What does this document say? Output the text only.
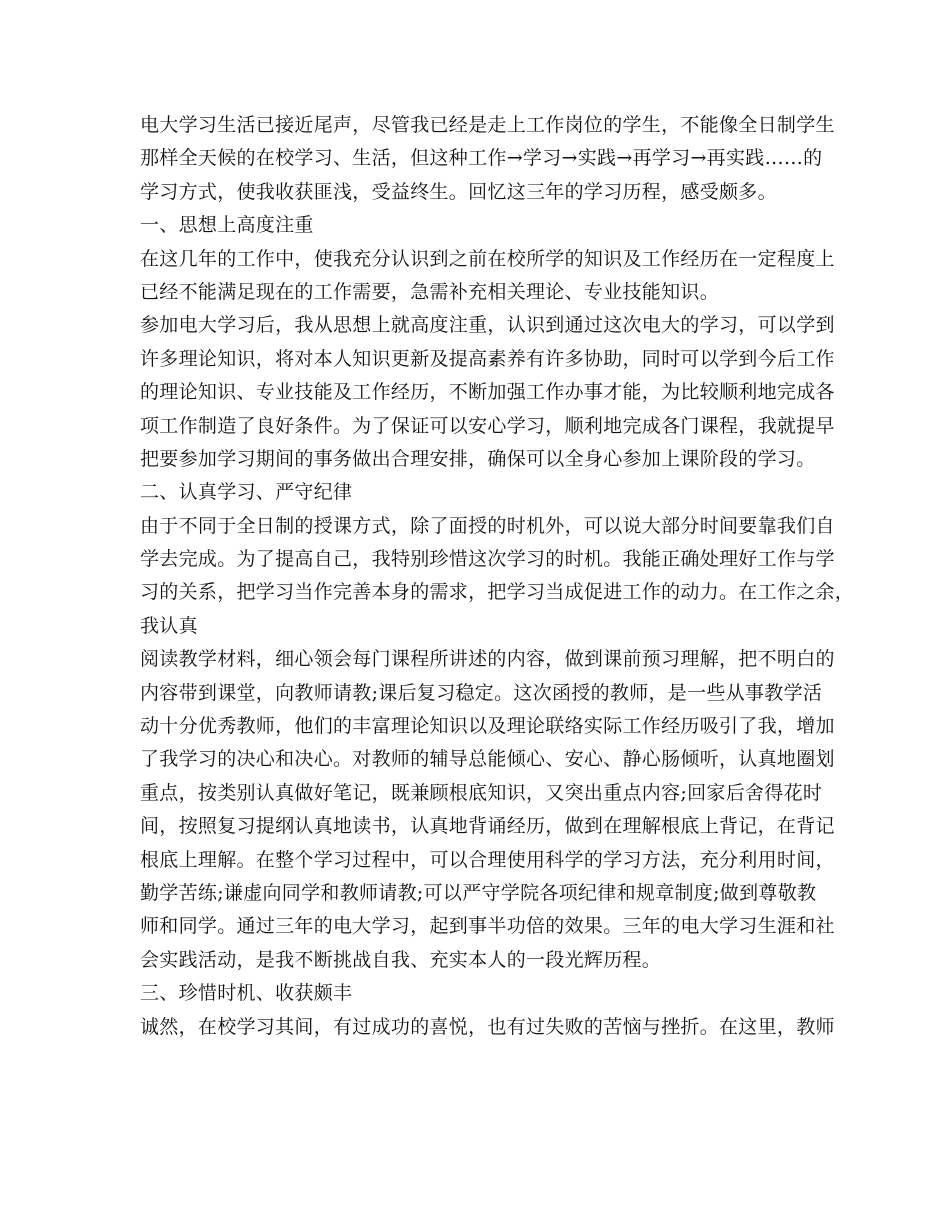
电大学习生活已接近尾声，尽管我已经是走上工作岗位的学生，不能像全日制学生
那样全天候的在校学习、生活，但这种工作→学习→实践→再学习→再实践……的
学习方式，使我收获匪浅，受益终生。回忆这三年的学习历程，感受颇多。
一、思想上高度注重
在这几年的工作中，使我充分认识到之前在校所学的知识及工作经历在一定程度上
已经不能满足现在的工作需要，急需补充相关理论、专业技能知识。
参加电大学习后，我从思想上就高度注重，认识到通过这次电大的学习，可以学到
许多理论知识，将对本人知识更新及提高素养有许多协助，同时可以学到今后工作
的理论知识、专业技能及工作经历，不断加强工作办事才能，为比较顺利地完成各
项工作制造了良好条件。为了保证可以安心学习，顺利地完成各门课程，我就提早
把要参加学习期间的事务做出合理安排，确保可以全身心参加上课阶段的学习。
二、认真学习、严守纪律
由于不同于全日制的授课方式，除了面授的时机外，可以说大部分时间要靠我们自
学去完成。为了提高自己，我特别珍惜这次学习的时机。我能正确处理好工作与学
习的关系，把学习当作完善本身的需求，把学习当成促进工作的动力。在工作之余，
我认真
阅读教学材料，细心领会每门课程所讲述的内容，做到课前预习理解，把不明白的
内容带到课堂，向教师请教;课后复习稳定。这次函授的教师，是一些从事教学活
动十分优秀教师，他们的丰富理论知识以及理论联络实际工作经历吸引了我，增加
了我学习的决心和决心。对教师的辅导总能倾心、安心、静心肠倾听，认真地圈划
重点，按类别认真做好笔记，既兼顾根底知识，又突出重点内容;回家后舍得花时
间，按照复习提纲认真地读书，认真地背诵经历，做到在理解根底上背记，在背记
根底上理解。在整个学习过程中，可以合理使用科学的学习方法，充分利用时间，
勤学苦练;谦虚向同学和教师请教;可以严守学院各项纪律和规章制度;做到尊敬教
师和同学。通过三年的电大学习，起到事半功倍的效果。三年的电大学习生涯和社
会实践活动，是我不断挑战自我、充实本人的一段光辉历程。
三、珍惜时机、收获颇丰
诚然，在校学习其间，有过成功的喜悦，也有过失败的苦恼与挫折。在这里，教师
